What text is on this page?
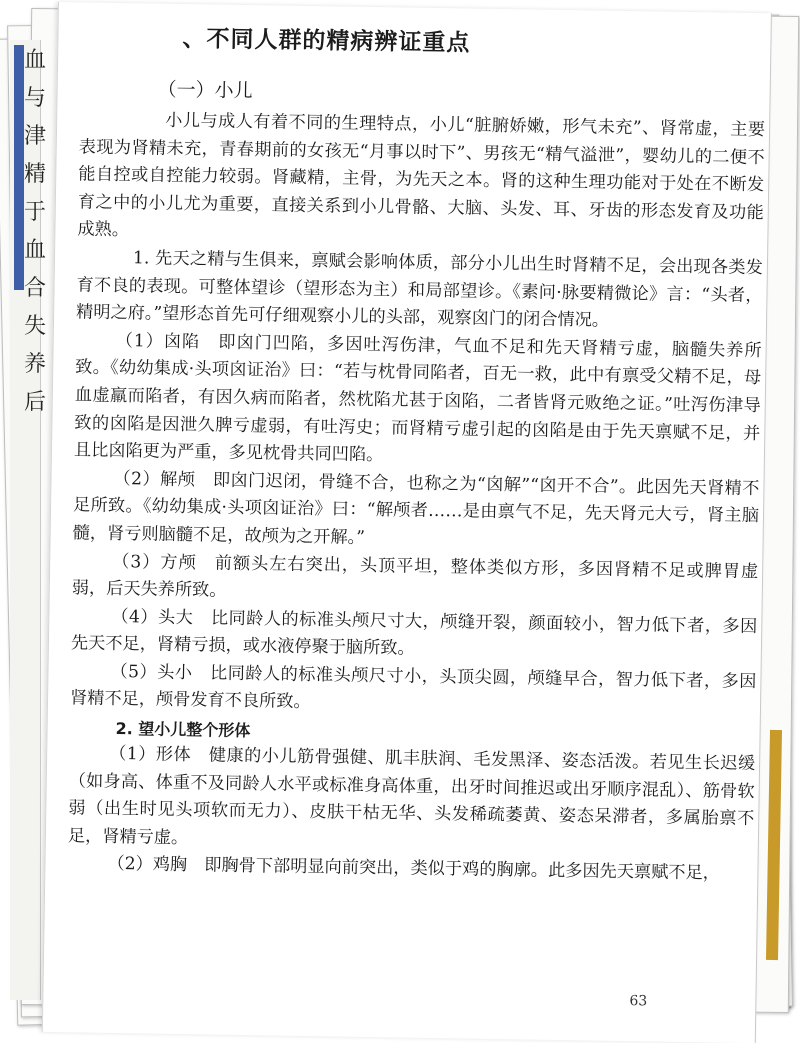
血
与津
精于
血合
失养
后
、不同人群的精病辨证重点
（一）小儿

小儿与成人有着不同的生理特点，小儿“脏腑娇嫩，形气未充”、肾常虚，主要表现为肾精未充，青春期前的女孩无“月事以时下”、男孩无“精气溢泄”，婴幼儿的二便不能自控或自控能力较弱。肾藏精，主骨，为先天之本。肾的这种生理功能对于处在不断发育之中的小儿尤为重要，直接关系到小儿骨骼、大脑、头发、耳、牙齿的形态发育及功能成熟。

1. 先天之精与生俱来，禀赋会影响体质，部分小儿出生时肾精不足，会出现各类发育不良的表现。可整体望诊（望形态为主）和局部望诊。《素问·脉要精微论》言：“头者，精明之府。”望形态首先可仔细观察小儿的头部，观察囟门的闭合情况。

（1）囟陷　即囟门凹陷，多因吐泻伤津，气血不足和先天肾精亏虚，脑髓失养所致。《幼幼集成·头项囟证治》曰：“若与枕骨同陷者，百无一救，此中有禀受父精不足，母血虚羸而陷者，有因久病而陷者，然枕陷尤甚于囟陷，二者皆肾元败绝之证。”吐泻伤津导致的囟陷是因泄久脾亏虚弱，有吐泻史；而肾精亏虚引起的囟陷是由于先天禀赋不足，并且比囟陷更为严重，多见枕骨共同凹陷。

（2）解颅　即囟门迟闭，骨缝不合，也称之为“囟解”“囟开不合”。此因先天肾精不足所致。《幼幼集成·头项囟证治》曰：“解颅者……是由禀气不足，先天肾元大亏，肾主脑髓，肾亏则脑髓不足，故颅为之开解。”

（3）方颅　前额头左右突出，头顶平坦，整体类似方形，多因肾精不足或脾胃虚弱，后天失养所致。

（4）头大　比同龄人的标准头颅尺寸大，颅缝开裂，颜面较小，智力低下者，多因先天不足，肾精亏损，或水液停聚于脑所致。

（5）头小　比同龄人的标准头颅尺寸小，头顶尖圆，颅缝早合，智力低下者，多因肾精不足，颅骨发育不良所致。

2. 望小儿整个形体

（1）形体　健康的小儿筋骨强健、肌丰肤润、毛发黑泽、姿态活泼。若见生长迟缓（如身高、体重不及同龄人水平或标准身高体重，出牙时间推迟或出牙顺序混乱）、筋骨软弱（出生时见头项软而无力）、皮肤干枯无华、头发稀疏萎黄、姿态呆滞者，多属胎禀不足，肾精亏虚。

（2）鸡胸　即胸骨下部明显向前突出，类似于鸡的胸廓。此多因先天禀赋不足，

63
